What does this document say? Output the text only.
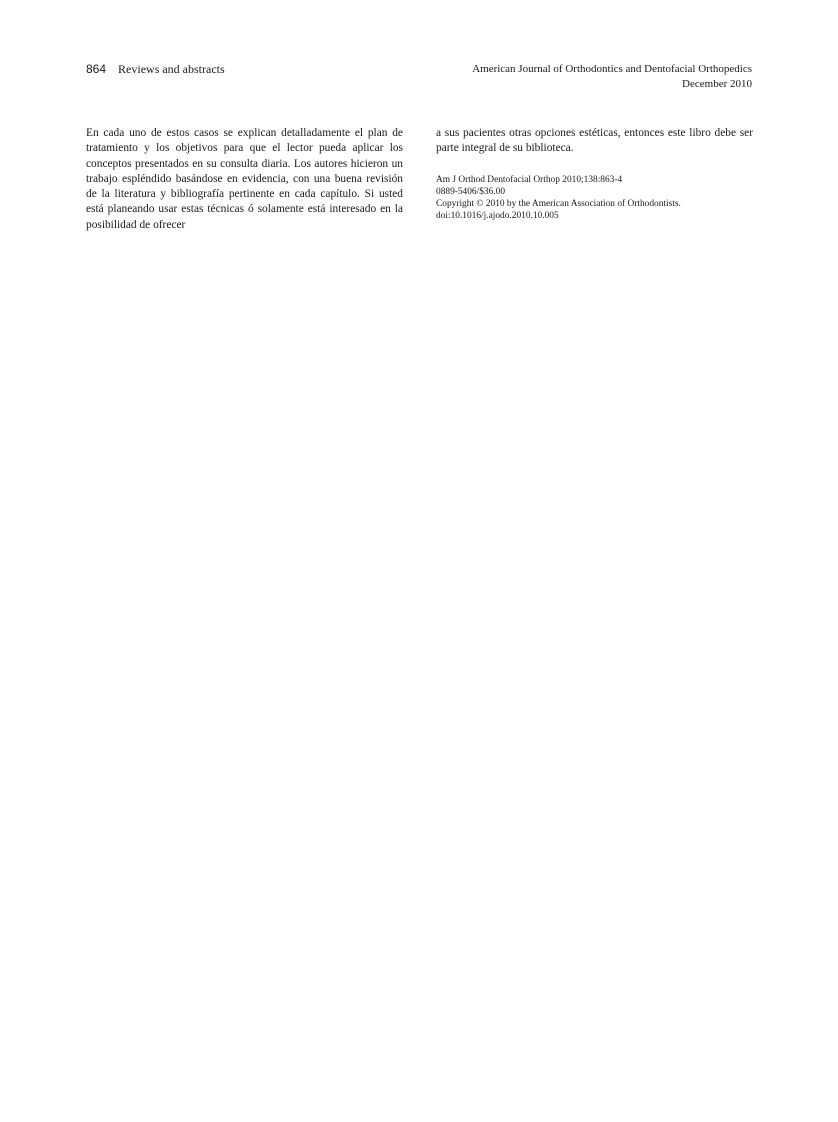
864 Reviews and abstracts	American Journal of Orthodontics and Dentofacial Orthopedics
December 2010

En cada uno de estos casos se explican detalladamente el plan de tratamiento y los objetivos para que el lector pueda aplicar los conceptos presentados en su consulta diaria. Los autores hicieron un trabajo espléndido basándose en evidencia, con una buena revisión de la literatura y bibliografía pertinente en cada capítulo. Si usted está planeando usar estas técnicas ó solamente está interesado en la posibilidad de ofrecer

a sus pacientes otras opciones estéticas, entonces este libro debe ser parte integral de su biblioteca.

Am J Orthod Dentofacial Orthop 2010;138:863-4
0889-5406/$36.00
Copyright © 2010 by the American Association of Orthodontists.
doi:10.1016/j.ajodo.2010.10.005
